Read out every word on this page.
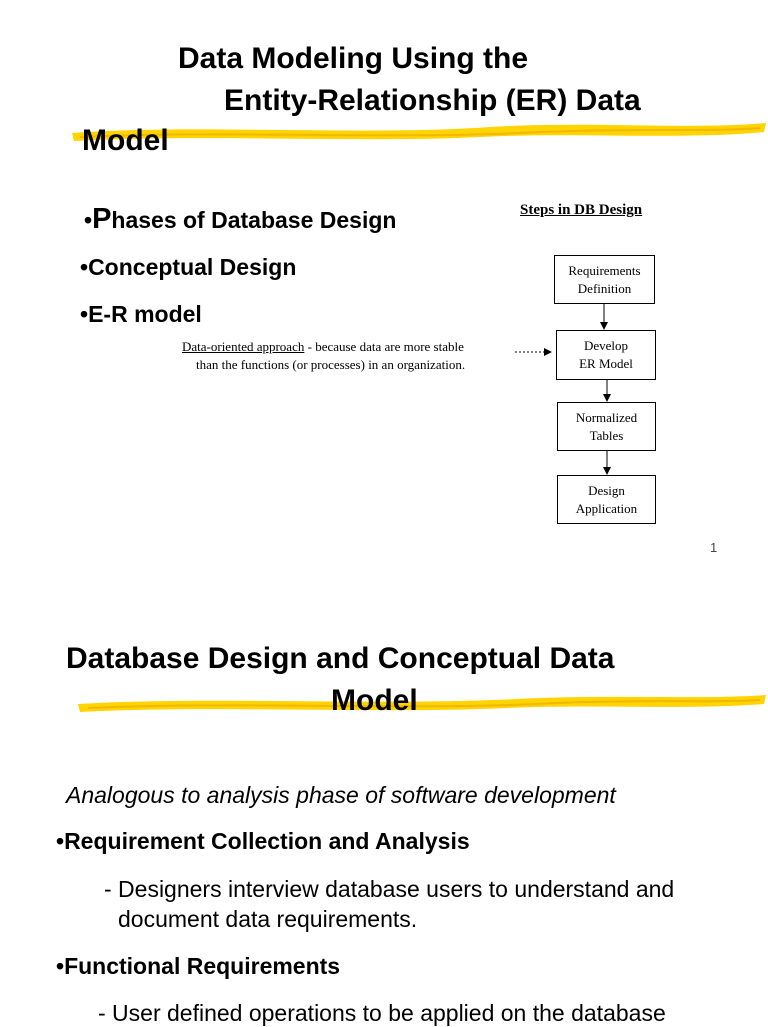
Data Modeling Using the
Entity-Relationship (ER) Data
Model
•Phases of Database Design
•Conceptual Design
•E-R model
Data-oriented approach - because data are more stable
than the functions (or processes) in an organization.
Steps in DB Design
Requirements
Definition
Develop
ER Model
Normalized
Tables
Design
Application
1
Database Design and Conceptual Data
Model
Analogous to analysis phase of software development
•Requirement Collection and Analysis
- Designers interview database users to understand and
document data requirements.
•Functional Requirements
- User defined operations to be applied on the database
